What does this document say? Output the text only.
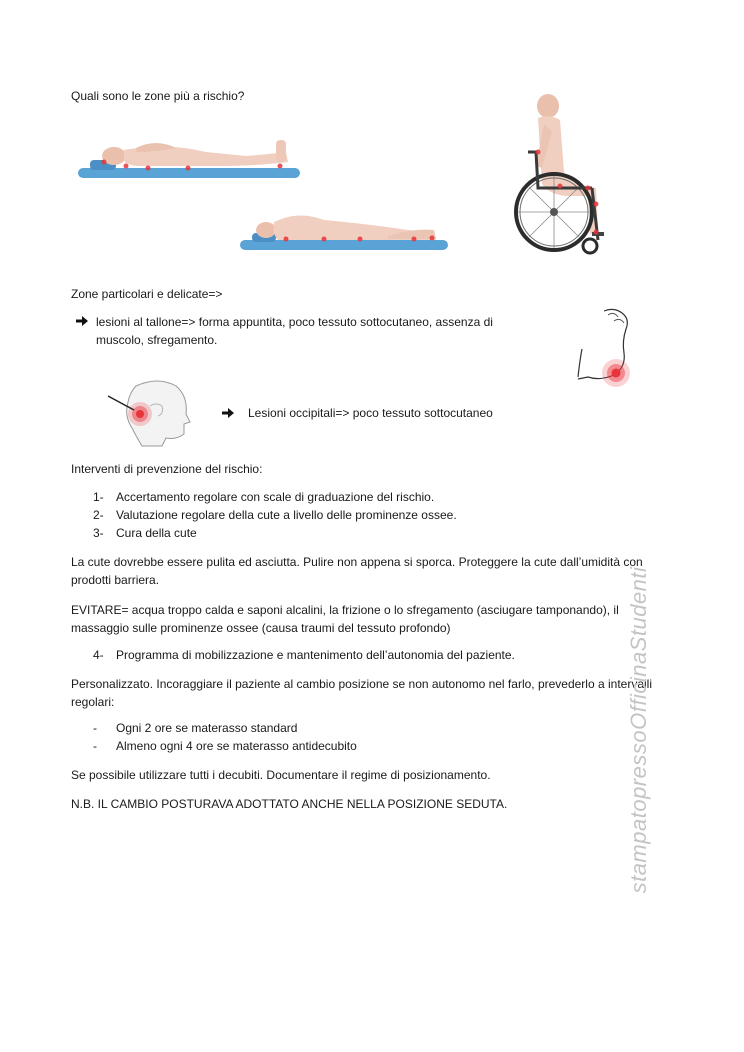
Quali sono le zone più a rischio?
Zone particolari e delicate=>
lesioni al tallone=> forma appuntita, poco tessuto sottocutaneo, assenza di muscolo, sfregamento.
Lesioni occipitali=> poco tessuto sottocutaneo
Interventi di prevenzione del rischio:
1- Accertamento regolare con scale di graduazione del rischio.
2- Valutazione regolare della cute a livello delle prominenze ossee.
3- Cura della cute
La cute dovrebbe essere pulita ed asciutta. Pulire non appena si sporca. Proteggere la cute dall’umidità con prodotti barriera.
EVITARE= acqua troppo calda e saponi alcalini, la frizione o lo sfregamento (asciugare tamponando), il massaggio sulle prominenze ossee (causa traumi del tessuto profondo)
4- Programma di mobilizzazione e mantenimento dell’autonomia del paziente.
Personalizzato. Incoraggiare il paziente al cambio posizione se non autonomo nel farlo, prevederlo a intervalli regolari:
- Ogni 2 ore se materasso standard
- Almeno ogni 4 ore se materasso antidecubito
Se possibile utilizzare tutti i decubiti. Documentare il regime di posizionamento.
N.B. IL CAMBIO POSTURAVA ADOTTATO ANCHE NELLA POSIZIONE SEDUTA.	stampatopressoOfficinaStudenti
